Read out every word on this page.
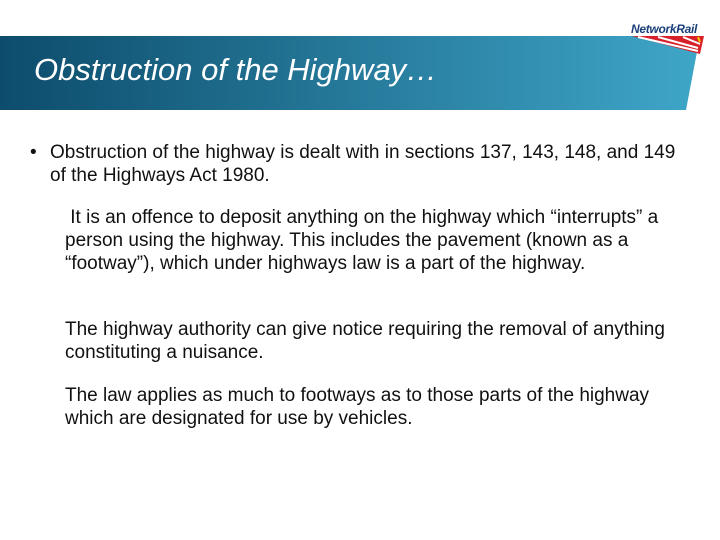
Obstruction of the Highway…
NetworkRail
• Obstruction of the highway is dealt with in sections 137, 143, 148, and 149 of the Highways Act 1980.
It is an offence to deposit anything on the highway which “interrupts” a person using the highway. This includes the pavement (known as a “footway”), which under highways law is a part of the highway.
The highway authority can give notice requiring the removal of anything constituting a nuisance.
The law applies as much to footways as to those parts of the highway which are designated for use by vehicles.
